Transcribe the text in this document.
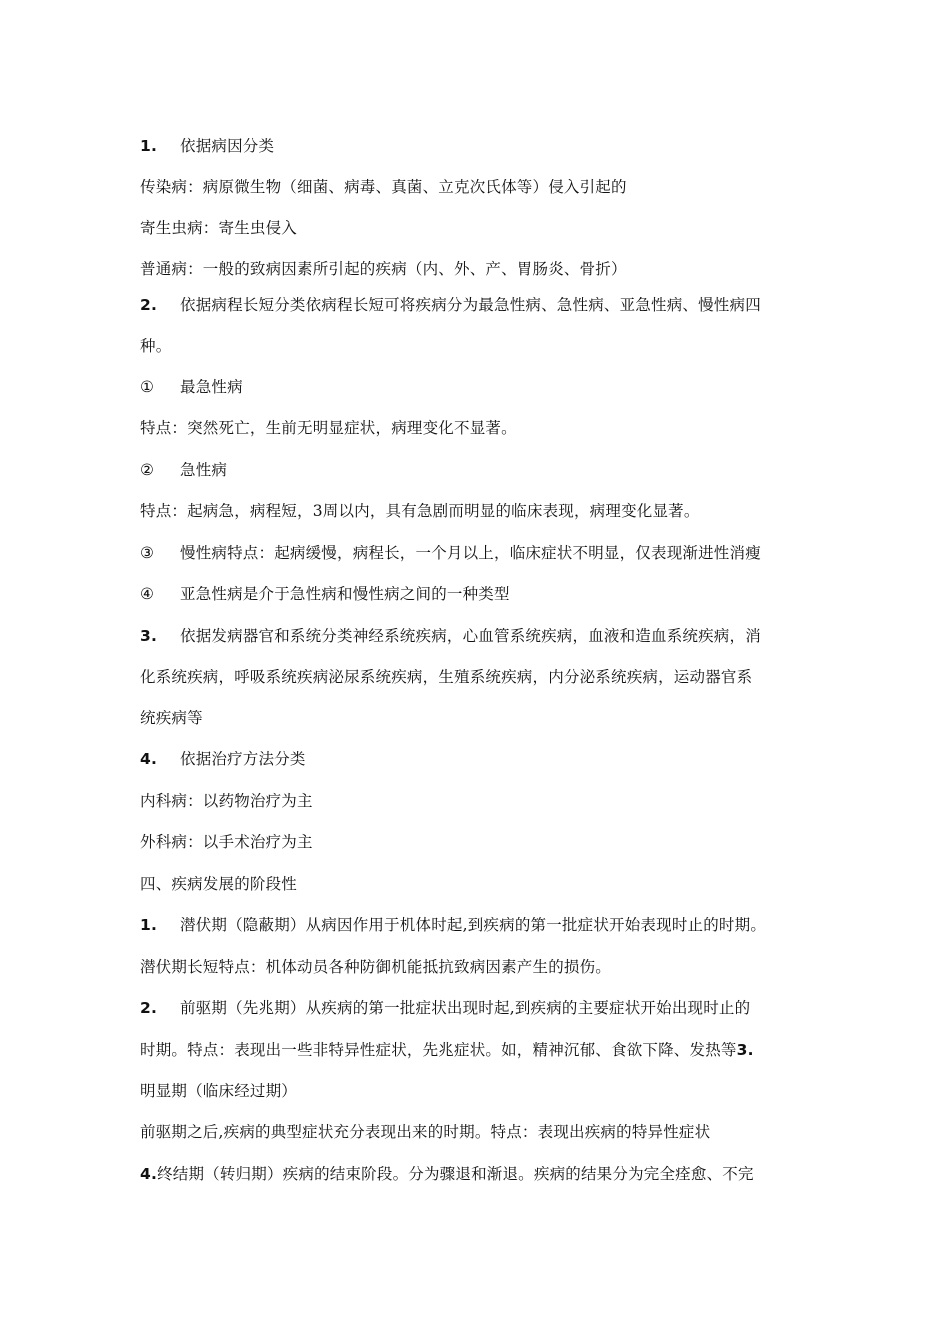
1. 依据病因分类
传染病：病原微生物（细菌、病毒、真菌、立克次氏体等）侵入引起的
寄生虫病：寄生虫侵入
普通病：一般的致病因素所引起的疾病（内、外、产、胃肠炎、骨折）
2. 依据病程长短分类依病程长短可将疾病分为最急性病、急性病、亚急性病、慢性病四
种。
① 最急性病
特点：突然死亡，生前无明显症状，病理变化不显著。
② 急性病
特点：起病急，病程短，3周以内，具有急剧而明显的临床表现，病理变化显著。
③ 慢性病特点：起病缓慢，病程长，一个月以上，临床症状不明显，仅表现渐进性消瘦
④ 亚急性病是介于急性病和慢性病之间的一种类型
3. 依据发病器官和系统分类神经系统疾病，心血管系统疾病，血液和造血系统疾病，消
化系统疾病，呼吸系统疾病泌尿系统疾病，生殖系统疾病，内分泌系统疾病，运动器官系
统疾病等
4. 依据治疗方法分类
内科病：以药物治疗为主
外科病：以手术治疗为主
四、疾病发展的阶段性
1. 潜伏期（隐蔽期）从病因作用于机体时起,到疾病的第一批症状开始表现时止的时期。
潜伏期长短特点：机体动员各种防御机能抵抗致病因素产生的损伤。
2. 前驱期（先兆期）从疾病的第一批症状出现时起,到疾病的主要症状开始出现时止的
时期。特点：表现出一些非特异性症状，先兆症状。如，精神沉郁、食欲下降、发热等3.
明显期（临床经过期）
前驱期之后,疾病的典型症状充分表现出来的时期。特点：表现出疾病的特异性症状
4.终结期（转归期）疾病的结束阶段。分为骤退和渐退。疾病的结果分为完全痊愈、不完
